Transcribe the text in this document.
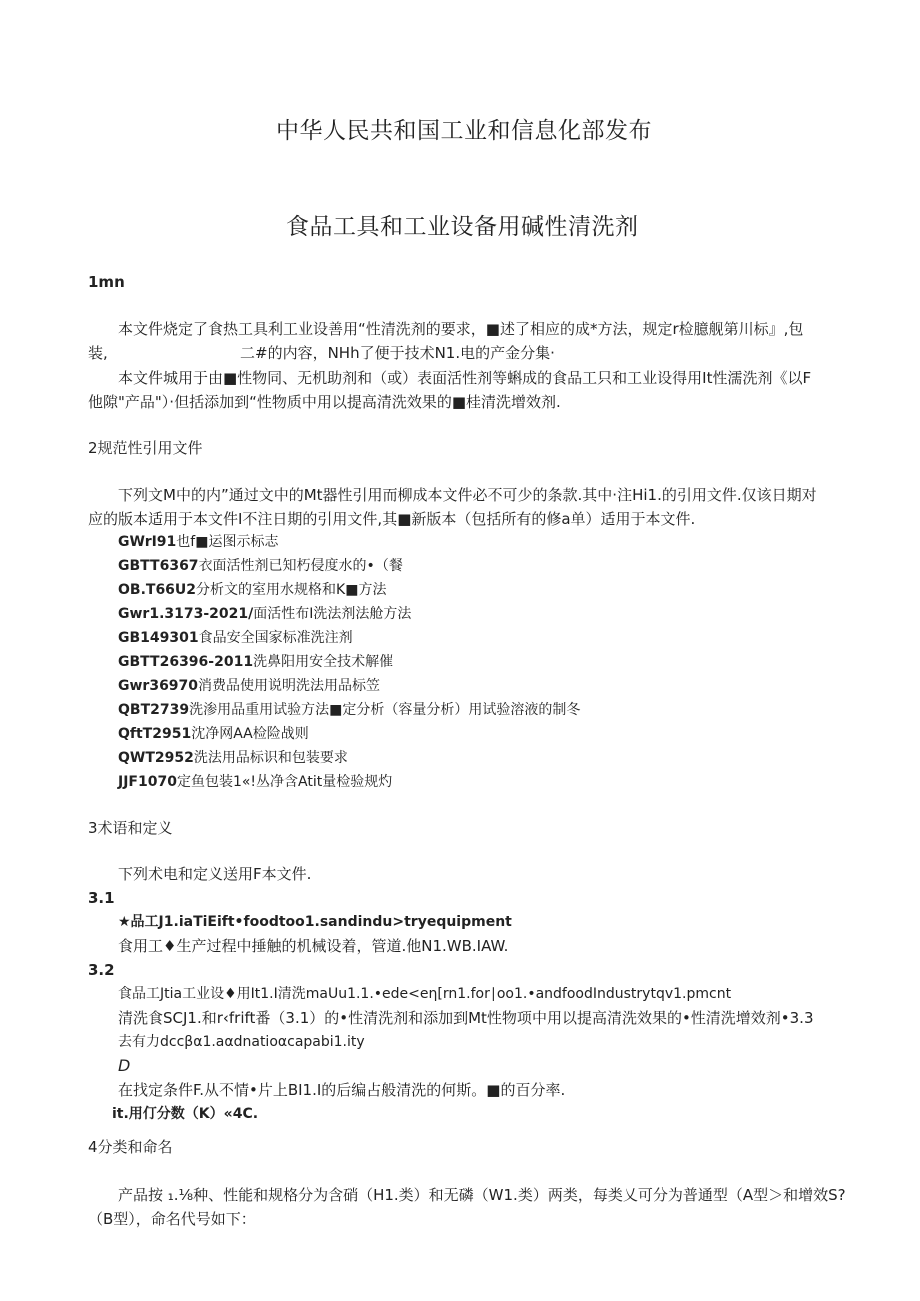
中华人民共和国工业和信息化部发布
食品工具和工业设备用碱性清洗剂
1mn
本文件烧定了食热工具利工业设善用“性清洗剂的要求，■述了相应的成*方法，规定r检臆舰第川标』,包
装,	二#的内容，NHh了便于技术N1.电的产金分集·
本文件城用于由■性物同、无机助剂和（或）表面活性剂等蝌成的食品工只和工业设得用It性濡洗剂《以F
他隙"产品"）·但括添加到“性物质中用以提高清洗效果的■桂清洗增效剂.
2规范性引用文件
下列文M中的内”通过文中的Mt器性引用而柳成本文件必不可少的条款.其中·注Hi1.的引用文件.仅该日期对
应的版本适用于本文件I不注日期的引用文件,其■新版本（包括所有的修a单）适用于本文件.
GWrI91也f■运图示标志
GBTT6367衣面活性剂已知朽侵度水的•（餐
OB.T66U2分析文的室用水规格和K■方法
Gwr1.3173-2021/面活性布I洗法剂法舱方法
GB149301食品安全国家标准洗注剂
GBTT26396-2011洗鼻阳用安全技术解催
Gwr36970消费品使用说明洗法用品标笠
QBT2739洗渗用品重用试验方法■定分析（容量分析）用试验溶液的制冬
QftT2951沈净网AA检险战则
QWT2952洗法用品标识和包装要求
JJF1070定鱼包装1«!丛净含Atit量检验规灼
3术语和定义
下列术电和定义送用F本文件.
3.1
★品工J1.iaTiEift•foodtoo1.sandindu>tryequipment
食用工♦生产过程中捶触的机械设着，管道.他N1.WB.IAW.
3.2
食品工Jtia工业设♦用It1.I清洗maUu1.1.•ede<eη[rn1.for∣oo1.•andfoodIndustrytqv1.pmcnt
清洗食SCJ1.和r‹frift番（3.1）的•性清洗剂和添加到Mt性物项中用以提高清洗效果的•性清洗增效剂•3.3
去有力dccβα1.aαdnatioαcapabi1.ity
D
在找定条件F.从不情•片上BI1.I的后编占般清洗的何斯。■的百分率.
it.用仃分数（K）«4C.
4分类和命名
产品按 ₁.⅛种、性能和规格分为含硝（H1.类）和无磷（W1.类）两类，每类乂可分为普通型（A型＞和增效S?
（B型），命名代号如下：
